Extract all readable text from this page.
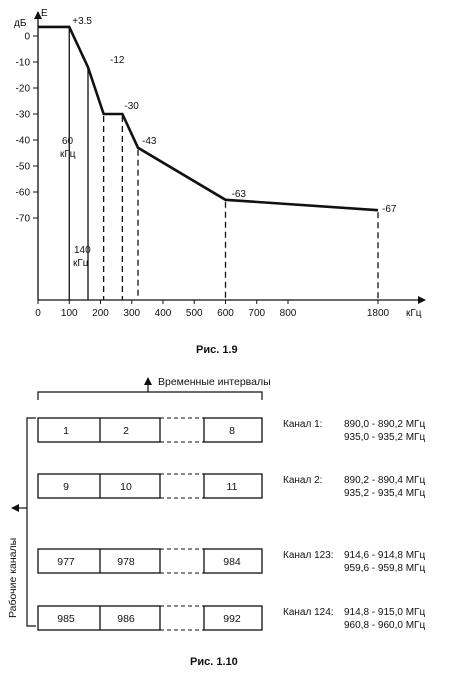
дБ
E
кГц
0
-10
-20
-30
-40
-50
-60
-70
0 100 200 300 400 500 600 700 800	1800
+3.5
-12
-30
-43
-63
-67
60
кГц
140
кГц
Рис. 1.9
Временные интервалы
Рабочие каналы
1	2	8
Канал 1: 890,0 - 890,2 МГц
935,0 - 935,2 МГц
9	10	11
Канал 2: 890,2 - 890,4 МГц
935,2 - 935,4 МГц
977	978	984
Канал 123: 914,6 - 914,8 МГц
959,6 - 959,8 МГц
985	986	992
Канал 124: 914,8 - 915,0 МГц
960,8 - 960,0 МГц
Рис. 1.10
